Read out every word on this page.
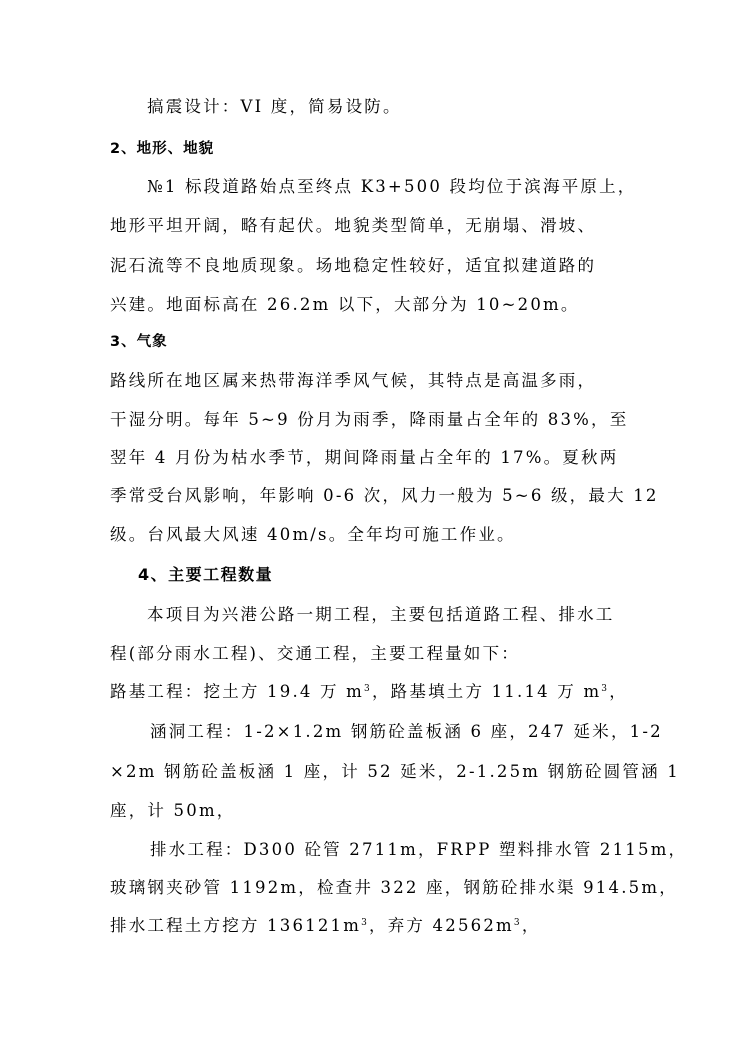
搞震设计：VI 度，简易设防。
2、地形、地貌
№1 标段道路始点至终点 K3+500 段均位于滨海平原上，
地形平坦开阔，略有起伏。地貌类型简单，无崩塌、滑坡、
泥石流等不良地质现象。场地稳定性较好，适宜拟建道路的
兴建。地面标高在 26.2m 以下，大部分为 10~20m。
3、气象
路线所在地区属来热带海洋季风气候，其特点是高温多雨，
干湿分明。每年 5~9 份月为雨季，降雨量占全年的 83%，至
翌年 4 月份为枯水季节，期间降雨量占全年的 17%。夏秋两
季常受台风影响，年影响 0-6 次，风力一般为 5~6 级，最大 12
级。台风最大风速 40m/s。全年均可施工作业。
4、主要工程数量
本项目为兴港公路一期工程，主要包括道路工程、排水工
程(部分雨水工程)、交通工程，主要工程量如下：
路基工程：挖土方 19.4 万 $m^3$，路基填土方 11.14 万 $m^3$，
涵洞工程：1-2×1.2m 钢筋砼盖板涵 6 座，247 延米，1-2
×2m 钢筋砼盖板涵 1 座，计 52 延米，2-1.25m 钢筋砼圆管涵 1
座，计 50m，
排水工程：D300 砼管 2711m，FRPP 塑料排水管 2115m，
玻璃钢夹砂管 1192m，检查井 322 座，钢筋砼排水渠 914.5m，
排水工程土方挖方 $136121m^3$，弃方 $42562m^3$，
